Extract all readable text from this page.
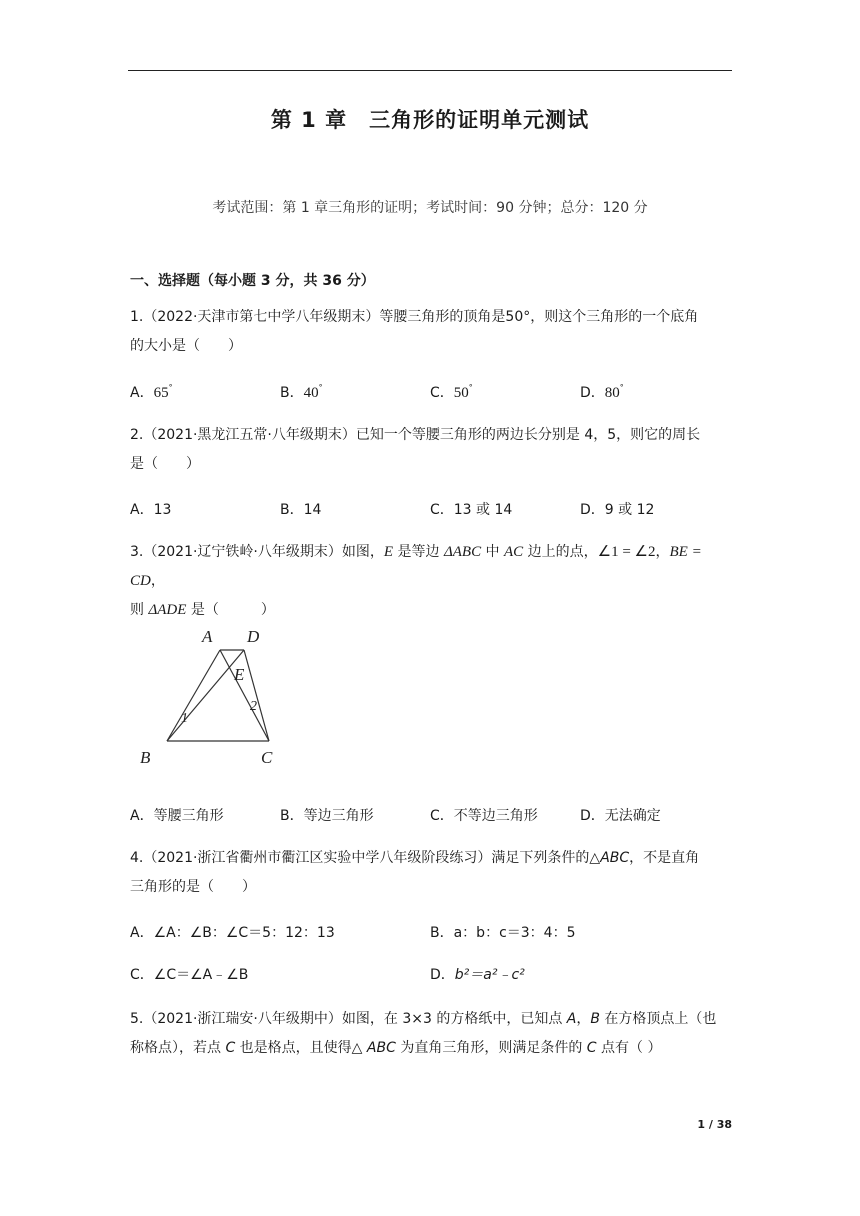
第 1 章 三角形的证明单元测试
考试范围：第 1 章三角形的证明；考试时间：90 分钟；总分：120 分
一、选择题（每小题 3 分，共 36 分）
1.（2022·天津市第七中学八年级期末）等腰三角形的顶角是50°，则这个三角形的一个底角
的大小是（　　）
A．65°	B．40°	C．50°	D．80°
2.（2021·黑龙江五常·八年级期末）已知一个等腰三角形的两边长分别是 4，5，则它的周长
是（　　）
A．13	B．14	C．13 或 14	D．9 或 12
3.（2021·辽宁铁岭·八年级期末）如图，E 是等边 ΔABC 中 AC 边上的点，∠1 = ∠2，BE = CD，
则 ΔADE 是（　　　）
A D
E
B	C
1
2
A．等腰三角形	B．等边三角形	C．不等边三角形	D．无法确定
4.（2021·浙江省衢州市衢江区实验中学八年级阶段练习）满足下列条件的△ABC，不是直角
三角形的是（　　）
A．∠A：∠B：∠C＝5：12：13	B．a：b：c＝3：4：5
C．∠C＝∠A﹣∠B	D．b²＝a²﹣c²
5.（2021·浙江瑞安·八年级期中）如图，在 3×3 的方格纸中，已知点 A，B 在方格顶点上（也
称格点），若点 C 也是格点，且使得△ ABC 为直角三角形，则满足条件的 C 点有（ ）
1 / 38
